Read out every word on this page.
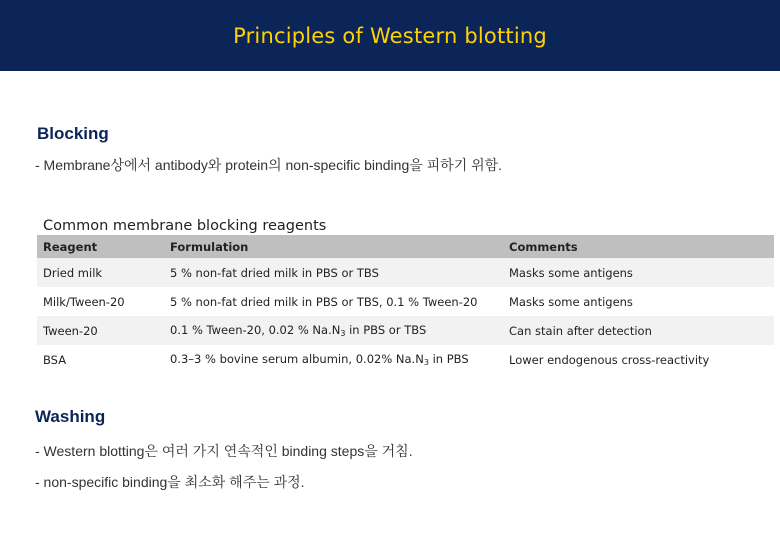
Principles of Western blotting
Blocking
- Membrane상에서 antibody와 protein의 non-specific binding을 피하기 위함.
Common membrane blocking reagents
Reagent	Formulation	Comments
Dried milk	5 % non-fat dried milk in PBS or TBS	Masks some antigens
Milk/Tween-20	5 % non-fat dried milk in PBS or TBS, 0.1 % Tween-20	Masks some antigens
Tween-20	0.1 % Tween-20, 0.02 % $Na.N_3$ in PBS or TBS	Can stain after detection
BSA	0.3–3 % bovine serum albumin, 0.02% $Na.N_3$ in PBS	Lower endogenous cross-reactivity
Washing
- Western blotting은 여러 가지 연속적인 binding steps을 거침.
- non-specific binding을 최소화 해주는 과정.
